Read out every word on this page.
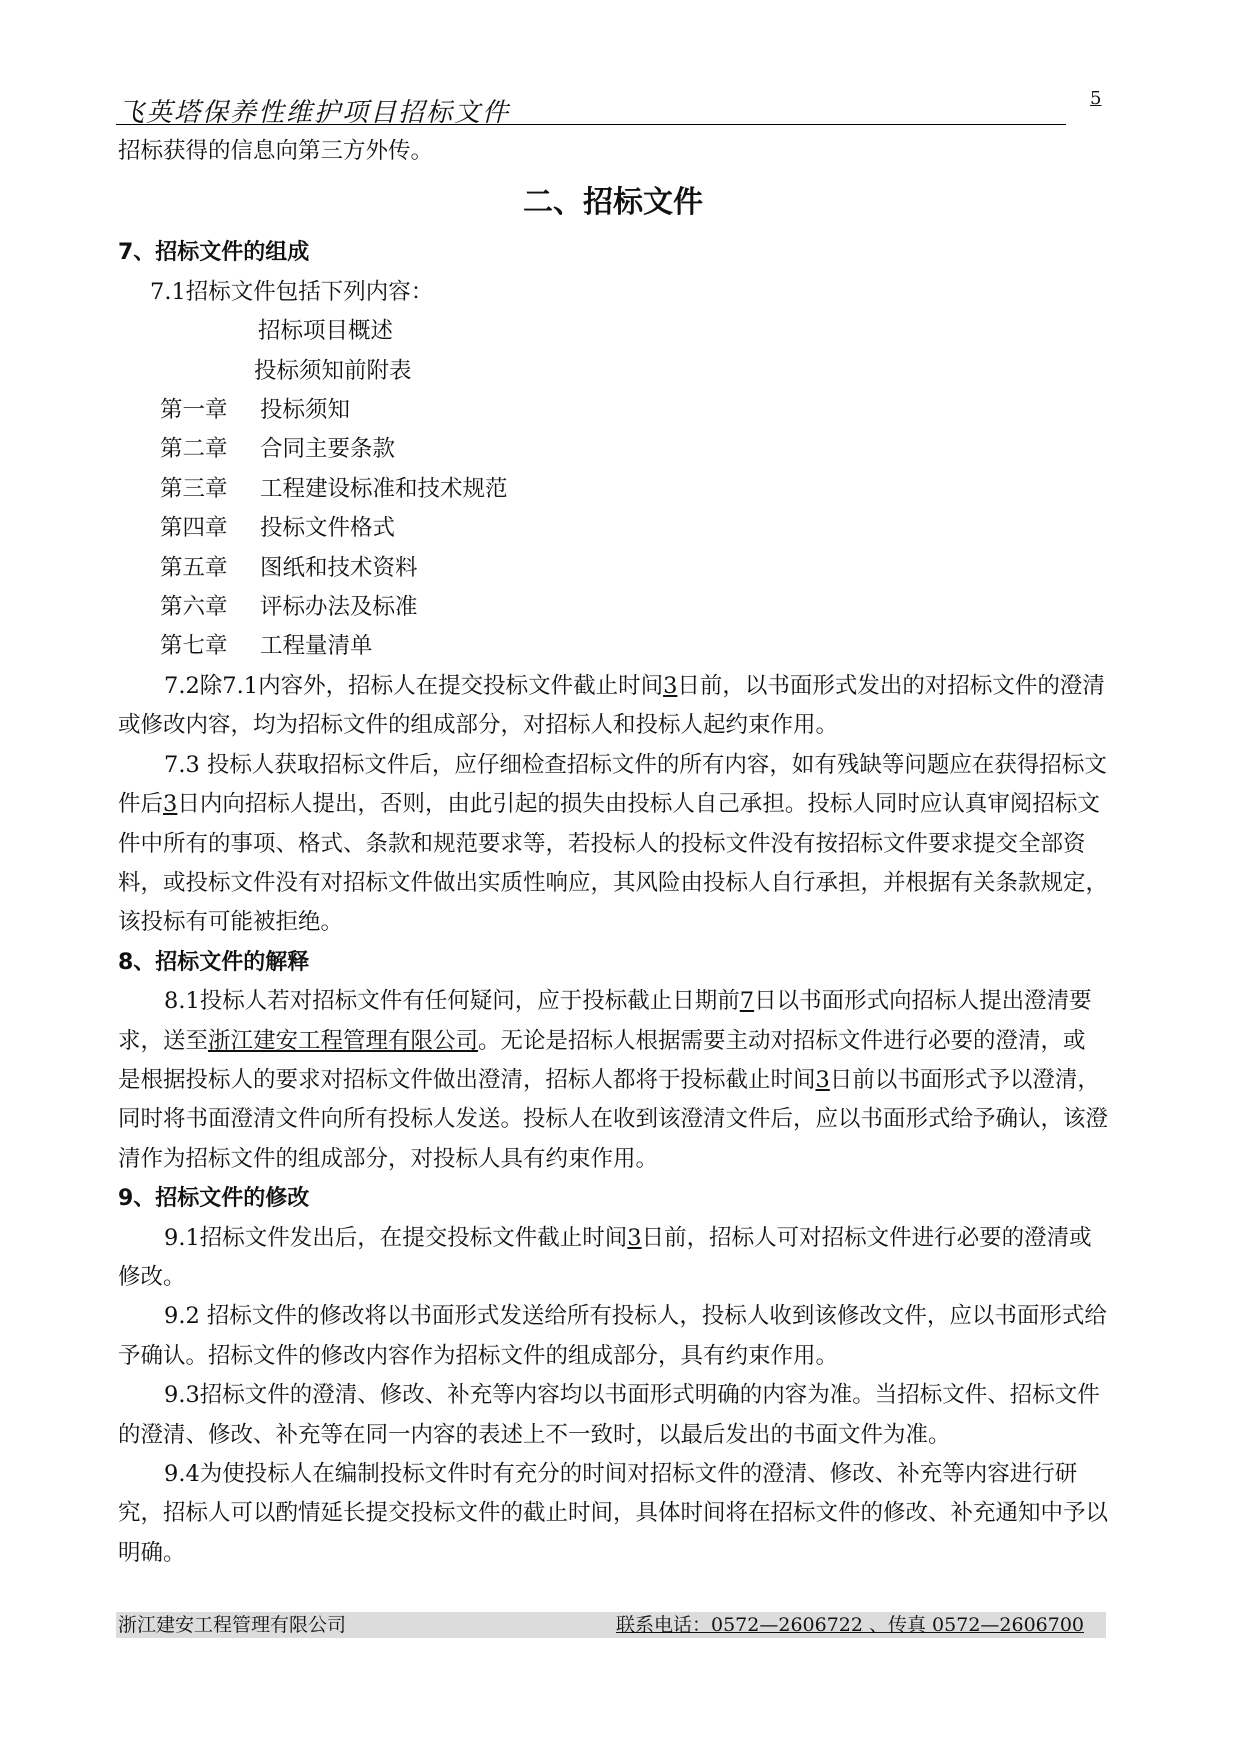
飞英塔保养性维护项目招标文件	5

招标获得的信息向第三方外传。

二、招标文件

7、招标文件的组成

7.1招标文件包括下列内容：

招标项目概述

投标须知前附表

第一章 投标须知

第二章 合同主要条款

第三章 工程建设标准和技术规范

第四章 投标文件格式

第五章 图纸和技术资料

第六章 评标办法及标准

第七章 工程量清单

7.2除7.1内容外，招标人在提交投标文件截止时间3日前，以书面形式发出的对招标文件的澄清或修改内容，均为招标文件的组成部分，对招标人和投标人起约束作用。

7.3 投标人获取招标文件后，应仔细检查招标文件的所有内容，如有残缺等问题应在获得招标文件后3日内向招标人提出，否则，由此引起的损失由投标人自己承担。投标人同时应认真审阅招标文件中所有的事项、格式、条款和规范要求等，若投标人的投标文件没有按招标文件要求提交全部资料，或投标文件没有对招标文件做出实质性响应，其风险由投标人自行承担，并根据有关条款规定，该投标有可能被拒绝。

8、招标文件的解释

8.1投标人若对招标文件有任何疑问，应于投标截止日期前7日以书面形式向招标人提出澄清要求，送至浙江建安工程管理有限公司。无论是招标人根据需要主动对招标文件进行必要的澄清，或是根据投标人的要求对招标文件做出澄清，招标人都将于投标截止时间3日前以书面形式予以澄清，同时将书面澄清文件向所有投标人发送。投标人在收到该澄清文件后，应以书面形式给予确认，该澄清作为招标文件的组成部分，对投标人具有约束作用。

9、招标文件的修改

9.1招标文件发出后，在提交投标文件截止时间3日前，招标人可对招标文件进行必要的澄清或修改。

9.2 招标文件的修改将以书面形式发送给所有投标人，投标人收到该修改文件，应以书面形式给予确认。招标文件的修改内容作为招标文件的组成部分，具有约束作用。

9.3招标文件的澄清、修改、补充等内容均以书面形式明确的内容为准。当招标文件、招标文件的澄清、修改、补充等在同一内容的表述上不一致时，以最后发出的书面文件为准。

9.4为使投标人在编制投标文件时有充分的时间对招标文件的澄清、修改、补充等内容进行研究，招标人可以酌情延长提交投标文件的截止时间，具体时间将在招标文件的修改、补充通知中予以明确。

浙江建安工程管理有限公司	联系电话：0572—2606722 、传真 0572—2606700
